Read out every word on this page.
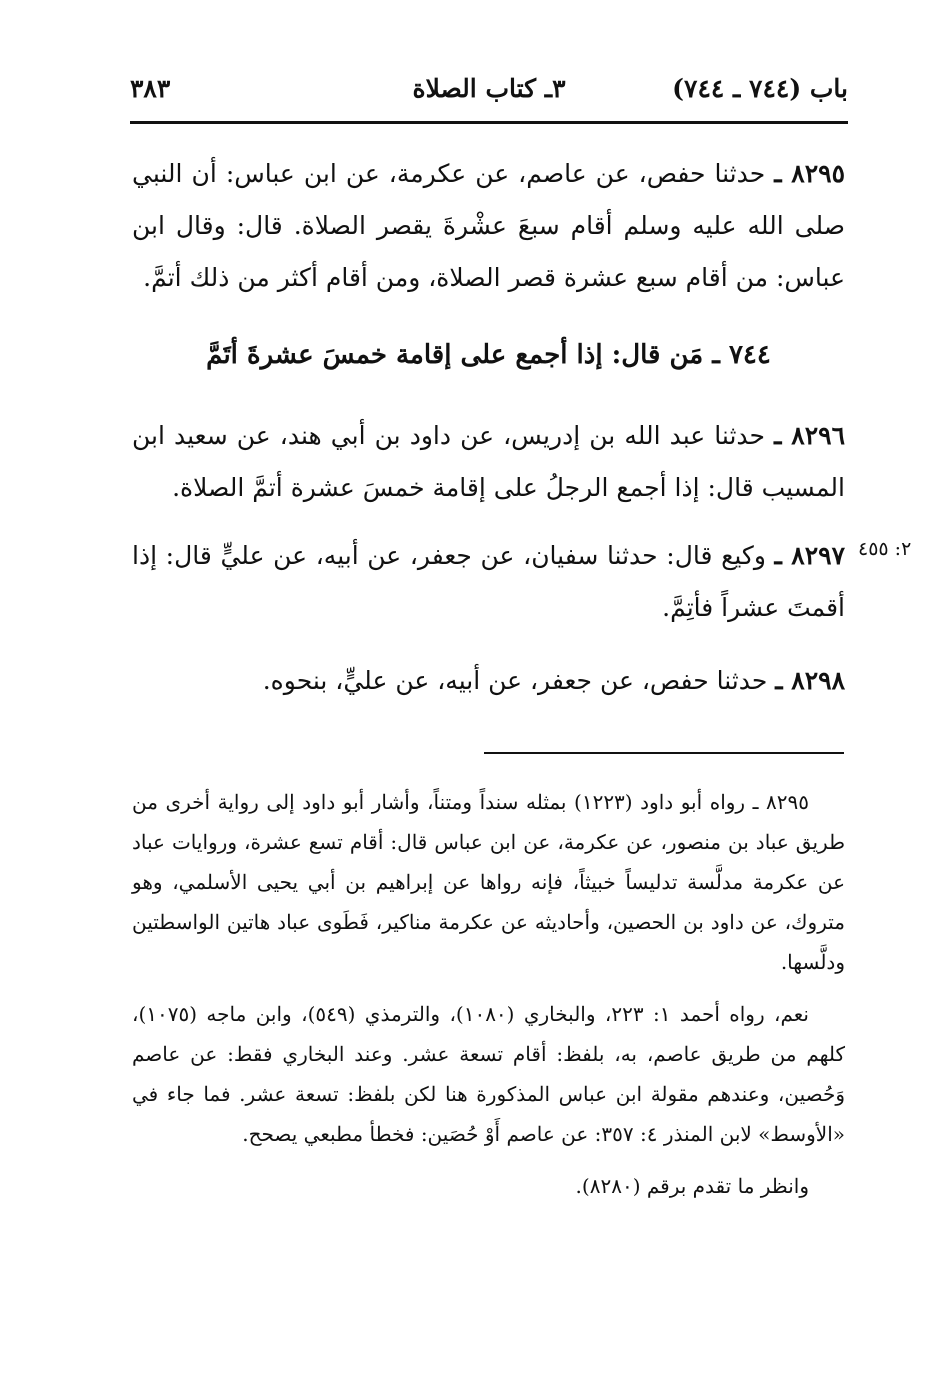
باب (٧٤٤ ـ ٧٤٤)
٣ـ كتاب الصلاة
٣٨٣

٨٢٩٥ ـ حدثنا حفص، عن عاصم، عن عكرمة، عن ابن عباس: أن النبي صلى الله عليه وسلم أقام سبعَ عشْرةَ يقصر الصلاة. قال: وقال ابن عباس: من أقام سبع عشرة قصر الصلاة، ومن أقام أكثر من ذلك أتمَّ.

٧٤٤ ـ مَن قال: إذا أجمع على إقامة خمسَ عشرةَ أتَمَّ

٨٢٩٦ ـ حدثنا عبد الله بن إدريس، عن داود بن أبي هند، عن سعيد ابن المسيب قال: إذا أجمع الرجلُ على إقامة خمسَ عشرة أتمَّ الصلاة.

٢: ٤٥٥

٨٢٩٧ ـ وكيع قال: حدثنا سفيان، عن جعفر، عن أبيه، عن عليٍّ قال: إذا أقمتَ عشراً فأتِمَّ.

٨٢٩٨ ـ حدثنا حفص، عن جعفر، عن أبيه، عن عليٍّ، بنحوه.

٨٢٩٥ ـ رواه أبو داود (١٢٢٣) بمثله سنداً ومتناً، وأشار أبو داود إلى رواية أخرى من طريق عباد بن منصور، عن عكرمة، عن ابن عباس قال: أقام تسع عشرة، وروايات عباد عن عكرمة مدلَّسة تدليساً خبيثاً، فإنه رواها عن إبراهيم بن أبي يحيى الأسلمي، وهو متروك، عن داود بن الحصين، وأحاديثه عن عكرمة مناكير، فَطَوى عباد هاتين الواسطتين ودلَّسها.

نعم، رواه أحمد ١: ٢٢٣، والبخاري (١٠٨٠)، والترمذي (٥٤٩)، وابن ماجه (١٠٧٥)، كلهم من طريق عاصم، به، بلفظ: أقام تسعة عشر. وعند البخاري فقط: عن عاصم وَحُصين، وعندهم مقولة ابن عباس المذكورة هنا لكن بلفظ: تسعة عشر. فما جاء في «الأوسط» لابن المنذر ٤: ٣٥٧: عن عاصم أَوْ حُصَين: فخطأ مطبعي يصحح.

وانظر ما تقدم برقم (٨٢٨٠).
